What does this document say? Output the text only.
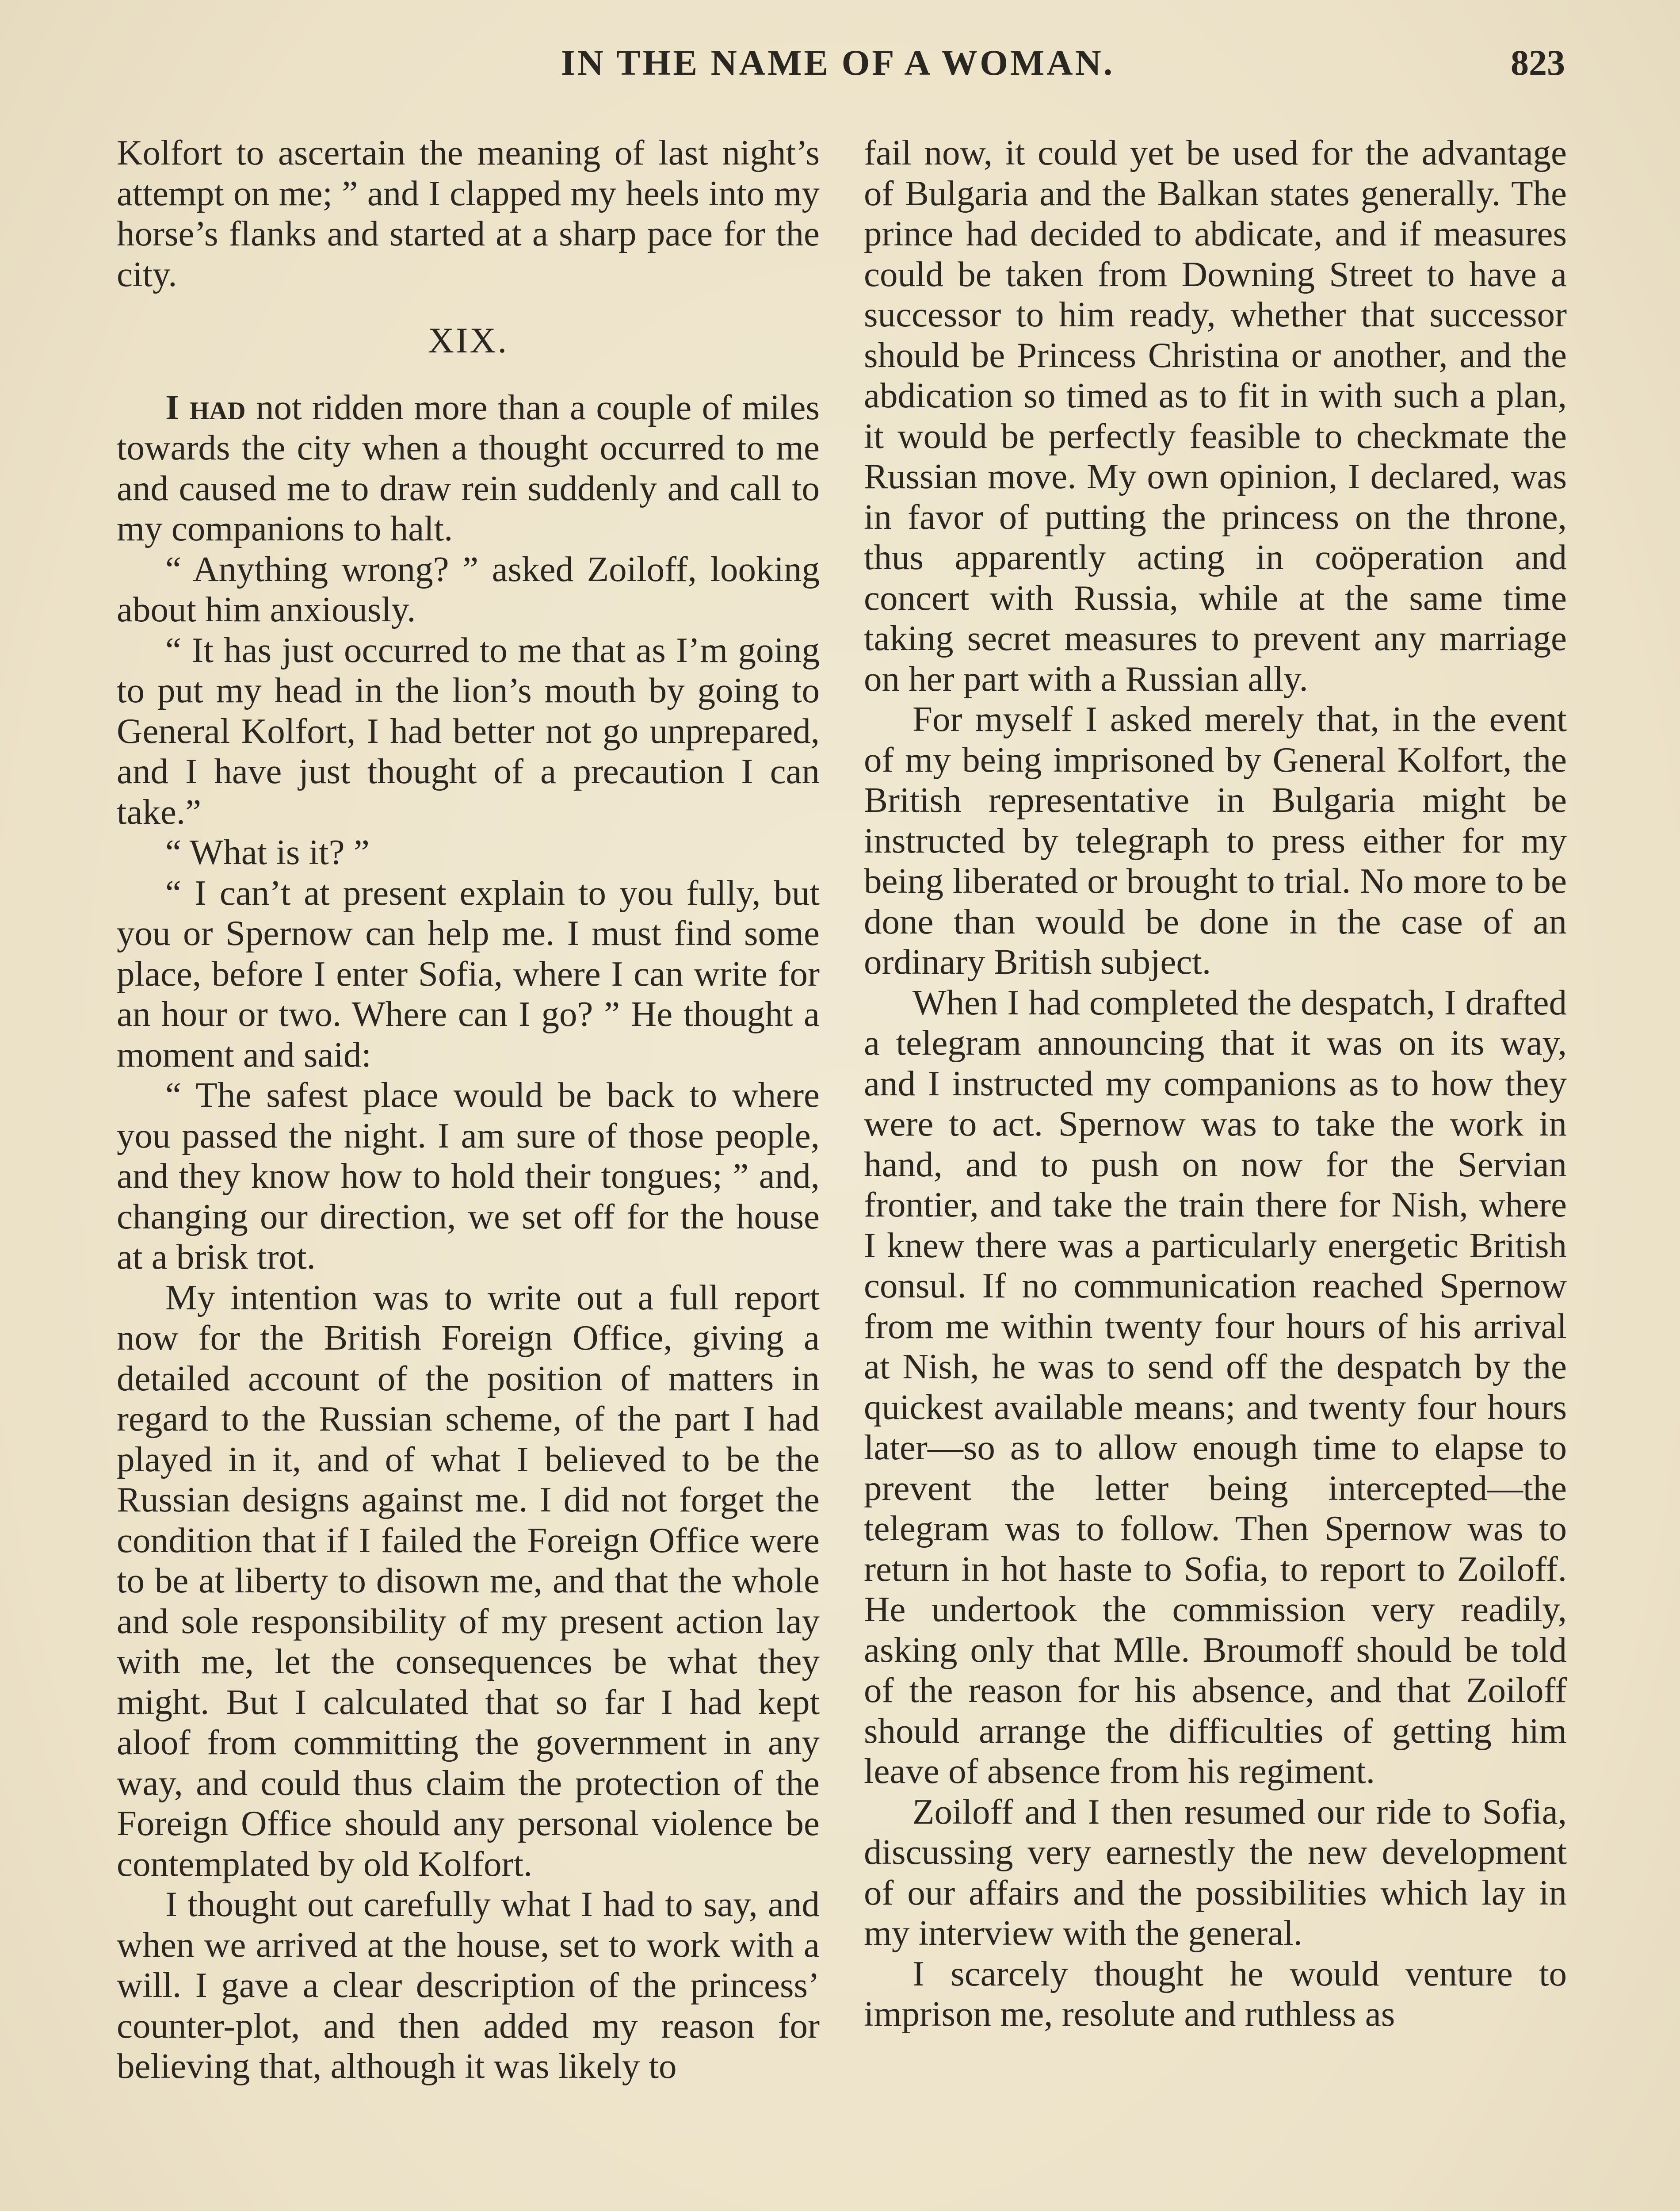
IN THE NAME OF A WOMAN.	823

Kolfort to ascertain the meaning of last night’s attempt on me; ” and I clapped my heels into my horse’s flanks and started at a sharp pace for the city.

XIX.

I had not ridden more than a couple of miles towards the city when a thought occurred to me and caused me to draw rein suddenly and call to my companions to halt.

“ Anything wrong? ” asked Zoiloff, looking about him anxiously.

“ It has just occurred to me that as I’m going to put my head in the lion’s mouth by going to General Kolfort, I had better not go unprepared, and I have just thought of a precaution I can take.”

“ What is it? ”

“ I can’t at present explain to you fully, but you or Spernow can help me. I must find some place, before I enter Sofia, where I can write for an hour or two. Where can I go? ” He thought a moment and said:

“ The safest place would be back to where you passed the night. I am sure of those people, and they know how to hold their tongues; ” and, changing our direction, we set off for the house at a brisk trot.

My intention was to write out a full report now for the British Foreign Office, giving a detailed account of the position of matters in regard to the Russian scheme, of the part I had played in it, and of what I believed to be the Russian designs against me. I did not forget the condition that if I failed the Foreign Office were to be at liberty to disown me, and that the whole and sole responsibility of my present action lay with me, let the consequences be what they might. But I calculated that so far I had kept aloof from committing the government in any way, and could thus claim the protection of the Foreign Office should any personal violence be contemplated by old Kolfort.

I thought out carefully what I had to say, and when we arrived at the house, set to work with a will. I gave a clear description of the princess’ counter-plot, and then added my reason for believing that, although it was likely to

fail now, it could yet be used for the advantage of Bulgaria and the Balkan states generally. The prince had decided to abdicate, and if measures could be taken from Downing Street to have a successor to him ready, whether that successor should be Princess Christina or another, and the abdication so timed as to fit in with such a plan, it would be perfectly feasible to checkmate the Russian move. My own opinion, I declared, was in favor of putting the princess on the throne, thus apparently acting in coöperation and concert with Russia, while at the same time taking secret measures to prevent any marriage on her part with a Russian ally.

For myself I asked merely that, in the event of my being imprisoned by General Kolfort, the British representative in Bulgaria might be instructed by telegraph to press either for my being liberated or brought to trial. No more to be done than would be done in the case of an ordinary British subject.

When I had completed the despatch, I drafted a telegram announcing that it was on its way, and I instructed my companions as to how they were to act. Spernow was to take the work in hand, and to push on now for the Servian frontier, and take the train there for Nish, where I knew there was a particularly energetic British consul. If no communication reached Spernow from me within twenty four hours of his arrival at Nish, he was to send off the despatch by the quickest available means; and twenty four hours later—so as to allow enough time to elapse to prevent the letter being intercepted—the telegram was to follow. Then Spernow was to return in hot haste to Sofia, to report to Zoiloff. He undertook the commission very readily, asking only that Mlle. Broumoff should be told of the reason for his absence, and that Zoiloff should arrange the difficulties of getting him leave of absence from his regiment.

Zoiloff and I then resumed our ride to Sofia, discussing very earnestly the new development of our affairs and the possibilities which lay in my interview with the general.

I scarcely thought he would venture to imprison me, resolute and ruthless as
